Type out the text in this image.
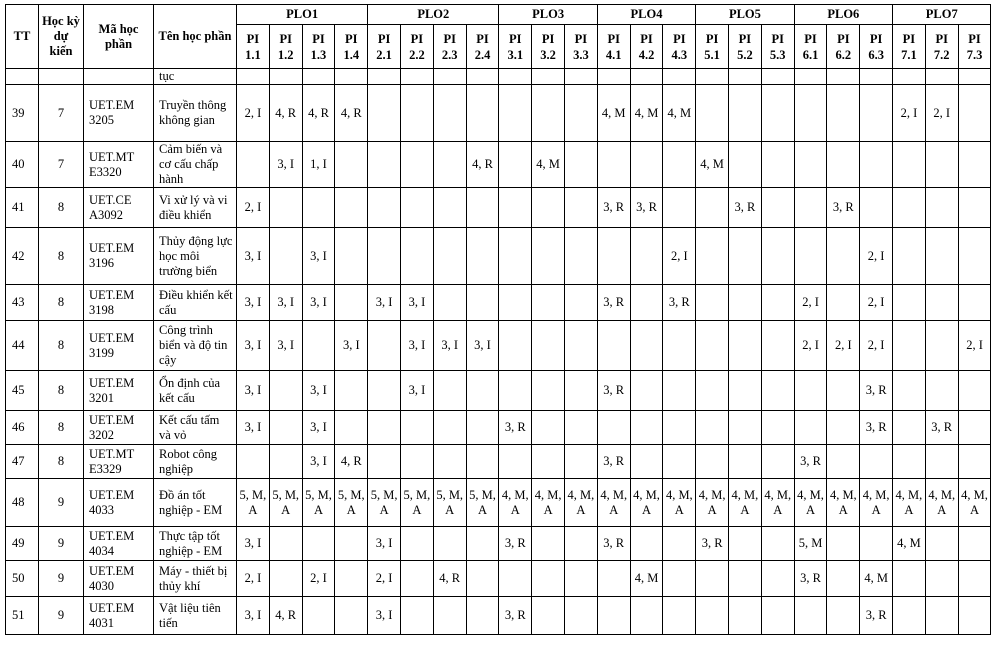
TT	Học kỳ dự kiến	Mã học phần	Tên học phần	PLO1				PLO2				PLO3			PLO4			PLO5			PLO6			PLO7		
				PI 1.1	PI 1.2	PI 1.3	PI 1.4	PI 2.1	PI 2.2	PI 2.3	PI 2.4	PI 3.1	PI 3.2	PI 3.3	PI 4.1	PI 4.2	PI 4.3	PI 5.1	PI 5.2	PI 5.3	PI 6.1	PI 6.2	PI 6.3	PI 7.1	PI 7.2	PI 7.3
			tục																							
39	7	UET.EM 3205	Truyền thông không gian	2, I	4, R	4, R	4, R								4, M	4, M	4, M							2, I	2, I	
40	7	UET.MT E3320	Cảm biến và cơ cấu chấp hành		3, I	1, I					4, R		4, M					4, M								
41	8	UET.CE A3092	Vi xử lý và vi điều khiển	2, I											3, R	3, R			3, R			3, R				
42	8	UET.EM 3196	Thủy động lực học môi trường biển	3, I		3, I											2, I						2, I			
43	8	UET.EM 3198	Điều khiển kết cấu	3, I	3, I	3, I		3, I	3, I						3, R		3, R				2, I		2, I			
44	8	UET.EM 3199	Công trình biển và độ tin cậy	3, I	3, I		3, I		3, I	3, I	3, I										2, I	2, I	2, I			2, I
45	8	UET.EM 3201	Ổn định của kết cấu	3, I		3, I			3, I						3, R								3, R			
46	8	UET.EM 3202	Kết cấu tấm và vỏ	3, I		3, I						3, R											3, R		3, R	
47	8	UET.MT E3329	Robot công nghiệp			3, I	4, R								3, R						3, R					
48	9	UET.EM 4033	Đồ án tốt nghiệp - EM	5, M, A	5, M, A	5, M, A	5, M, A	5, M, A	5, M, A	5, M, A	5, M, A	4, M, A	4, M, A	4, M, A	4, M, A	4, M, A	4, M, A	4, M, A	4, M, A	4, M, A	4, M, A	4, M, A	4, M, A	4, M, A	4, M, A	4, M, A
49	9	UET.EM 4034	Thực tập tốt nghiệp - EM	3, I				3, I				3, R			3, R			3, R			5, M			4, M		
50	9	UET.EM 4030	Máy - thiết bị thủy khí	2, I		2, I		2, I		4, R						4, M					3, R		4, M			
51	9	UET.EM 4031	Vật liệu tiên tiến	3, I	4, R			3, I				3, R											3, R			
